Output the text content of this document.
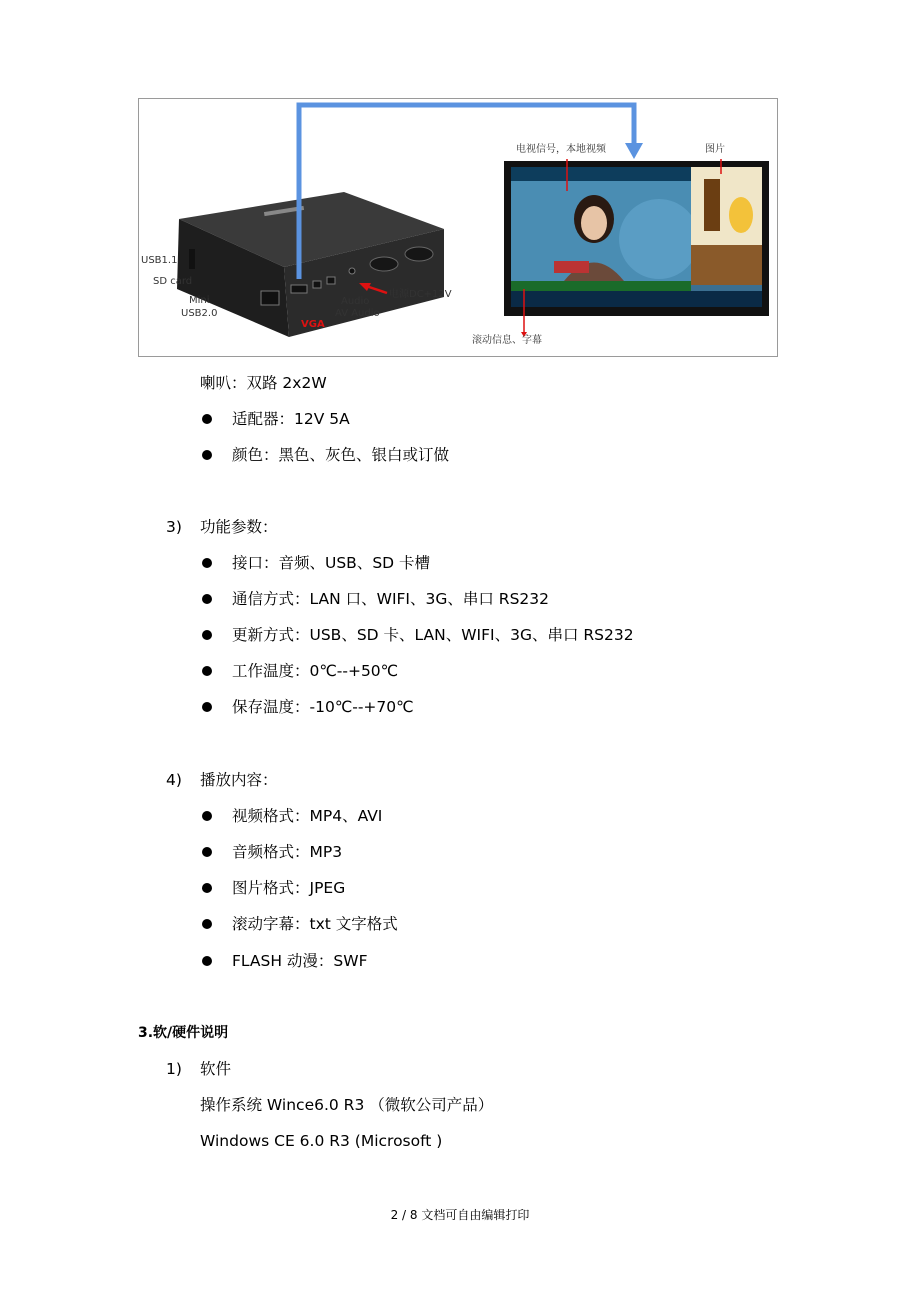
USB1.1
SD card
Mini
USB2.0
VGA
Audio
AV Audio
电源DC+12V
电视信号，本地视频	图片
滚动信息、字幕
喇叭：双路 2x2W
适配器：12V 5A
颜色：黑色、灰色、银白或订做
3) 功能参数：
接口：音频、USB、SD 卡槽
通信方式：LAN 口、WIFI、3G、串口 RS232
更新方式：USB、SD 卡、LAN、WIFI、3G、串口 RS232
工作温度：0℃--+50℃
保存温度：-10℃--+70℃
4) 播放内容：
视频格式：MP4、AVI
音频格式：MP3
图片格式：JPEG
滚动字幕：txt 文字格式
FLASH 动漫：SWF
3.软/硬件说明
1) 软件
操作系统 Wince6.0 R3 （微软公司产品）
Windows CE 6.0 R3 (Microsoft )
2 / 8 文档可自由编辑打印
